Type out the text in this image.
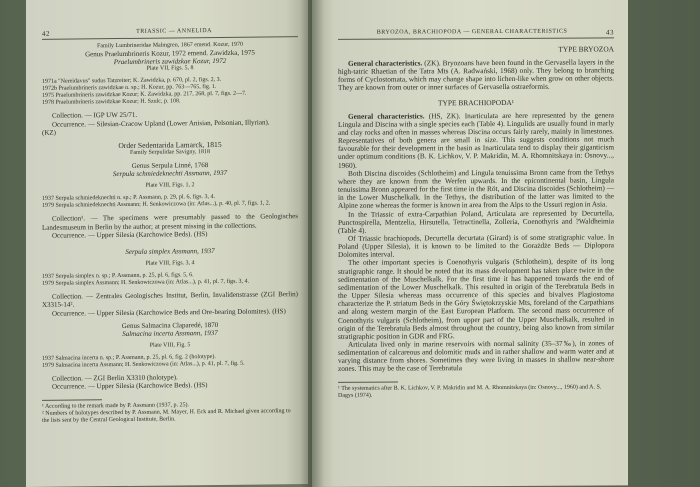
42	TRIASSIC — ANNELIDA
Family Lumbrineridae Malmgren, 1867 emend. Kozur, 1970
Genus Praelumbrineris Kozur, 1972 emend. Zawidzka, 1975
Praelumbrineris zawidzkae Kozur, 1972
Plate VII, Figs. 5, 8
1971a "Nereidavus" sudus Tatzreiter; K. Zawidzka, p. 670, pl. 2, figs. 2, 3.
1972b Praelumbrineris zawidzkae n. sp.; H. Kozur, pp. 763—765, fig. 1.
1975 Praelumbrineris zawidzkae Kozur; K. Zawidzka, pp. 217, 268, pl. 7, figs. 2—7.
1978 Praelumbrineris zawidzkae Kozur; H. Szulc, p. 108.
Collection. — IGP UW 25/71.
Occurrence. — Silesian-Cracow Upland (Lower Anisian, Pelsonian, Illyrian).
(KZ)
Order Sedentarida Lamarck, 1815
Family Serpulidae Savigny, 1818
Genus Serpula Linné, 1768
Serpula schmiedeknechti Assmann, 1937
Plate VIII, Figs. 1, 2
1937 Serpula schmiedeknechti n. sp.; P. Assmann, p. 29, pl. 6, figs. 3, 4.
1979 Serpula schmiedeknechti Assmann; H. Senkowiczowa (in: Atlas...), p. 40, pl. 7, figs. 1, 2.
Collection¹. — The specimens were presumably passed to the Geologisches Landesmuseum in Berlin by the author; at present missing in the collections.
Occurrence. — Upper Silesia (Karchowice Beds). (HS)
Serpula simplex Assmann, 1937
Plate VIII, Figs. 3, 4
1937 Serpula simplex n. sp.; P. Assmann, p. 25, pl. 6, figs. 5, 6.
1979 Serpula simplex Assmann; H. Senkowiczowa (in: Atlas...), p. 41, pl. 7, figs. 3, 4.
Collection. — Zentrales Geologisches Institut, Berlin, Invalidenstrasse (ZGI Berlin) X3315-14².
Occurrence. — Upper Silesia (Karchowice Beds and Ore-bearing Dolomites). (HS)
Genus Salmacina Claparedé, 1870
Salmacina incerta Assmann, 1937
Plate VIII, Fig. 5
1937 Salmacina incerta n. sp.; P. Assmann, p. 25, pl. 6, fig. 2 (holotype).
1979 Salmacina incerta Assmann; H. Senkowiczowa (in: Atlas...), p. 41, pl. 7, fig. 5.
Collection. — ZGI Berlin X3310 (holotype).
Occurrence. — Upper Silesia (Karchowice Beds). (HS)
¹ According to the remark made by P. Assmann (1937, p. 25).
² Numbers of holotypes described by P. Assmann, M. Mayer, H. Eck and R. Michael given according to the lists sent by the Central Geological Institute, Berlin.
BRYOZOA, BRACHIOPODA — GENERAL CHARACTERISTICS	43
TYPE BRYOZOA

General characteristics. (ZK). Bryozoans have been found in the Gervasella layers in the high-tatric Rhaetian of the Tatra Mts (A. Radwański, 1968) only. They belong to branching forms of Cyclostomata, which may change shape into lichen-like when grow on other objects. They are known from outer or inner surfaces of Gervasella ostraeformis.

TYPE BRACHIOPODA¹

General characteristics. (HS, ZK). Inarticulata are here represented by the genera Lingula and Discina with a single species each (Table 4). Lingulids are usually found in marly and clay rocks and often in masses whereas Discina occurs fairly rarely, mainly in limestones. Representatives of both genera are small in size. This suggests conditions not much favourable for their development in the basin as Inarticulata tend to display their giganticism under optimum conditions (B. K. Lichkov, V. P. Makridin, M. A. Rhomnitskaya in: Osnovy..., 1960).

Both Discina discoides (Schlotheim) and Lingula tenuissima Bronn came from the Tethys where they are known from the Werfen upwards. In the epicontinental basin, Lingula tenuissima Bronn appeared for the first time in the Röt, and Discina discoides (Schlotheim) — in the Lower Muschelkalk. In the Tethys, the distribution of the latter was limited to the Alpine zone whereas the former is known in area from the Alps to the Ussuri region in Asia.

In the Triassic of extra-Carpathian Poland, Articulata are represented by Decurtella, Punctospirella, Mentzelia, Hirsutella, Tetractinella, Zolleria, Coenothyris and ?Waldheimia (Table 4).

Of Triassic brachiopods, Decurtella decurtata (Girard) is of some stratigraphic value. In Poland (Upper Silesia), it is known to be limited to the Gorażdże Beds — Diplopora Dolomites interval.

The other important species is Coenothyris vulgaris (Schlotheim), despite of its long stratigraphic range. It should be noted that its mass development has taken place twice in the sedimentation of the Muschelkalk. For the first time it has happened towards the end of sedimentation of the Lower Muschelkalk. This resulted in origin of the Terebratula Beds in the Upper Silesia whereas mass occurrence of this species and bivalves Plagiostoma characterize the P. striatum Beds in the Góry Świętokrzyskie Mts, foreland of the Carpathians and along western margin of the East European Platform. The second mass occurrence of Coenothyris vulgaris (Schlotheim), from upper part of the Upper Muschelkalk, resulted in origin of the Terebratula Beds almost throughout the country, being also known from similar stratigraphic position in GDR and FRG.

Articulata lived only in marine reservoirs with normal salinity (35–37‰), in zones of sedimentation of calcareous and dolomitic muds and in rather shallow and warm water and at varying distance from shores. Sometimes they were living in masses in shallow near-shore zones. This may be the case of Terebratula

¹ The systematics after B. K. Lichkov, V. P. Makridin and M. A. Rhomnitskaya (in: Osnovy..., 1960) and A. S. Dagys (1974).
